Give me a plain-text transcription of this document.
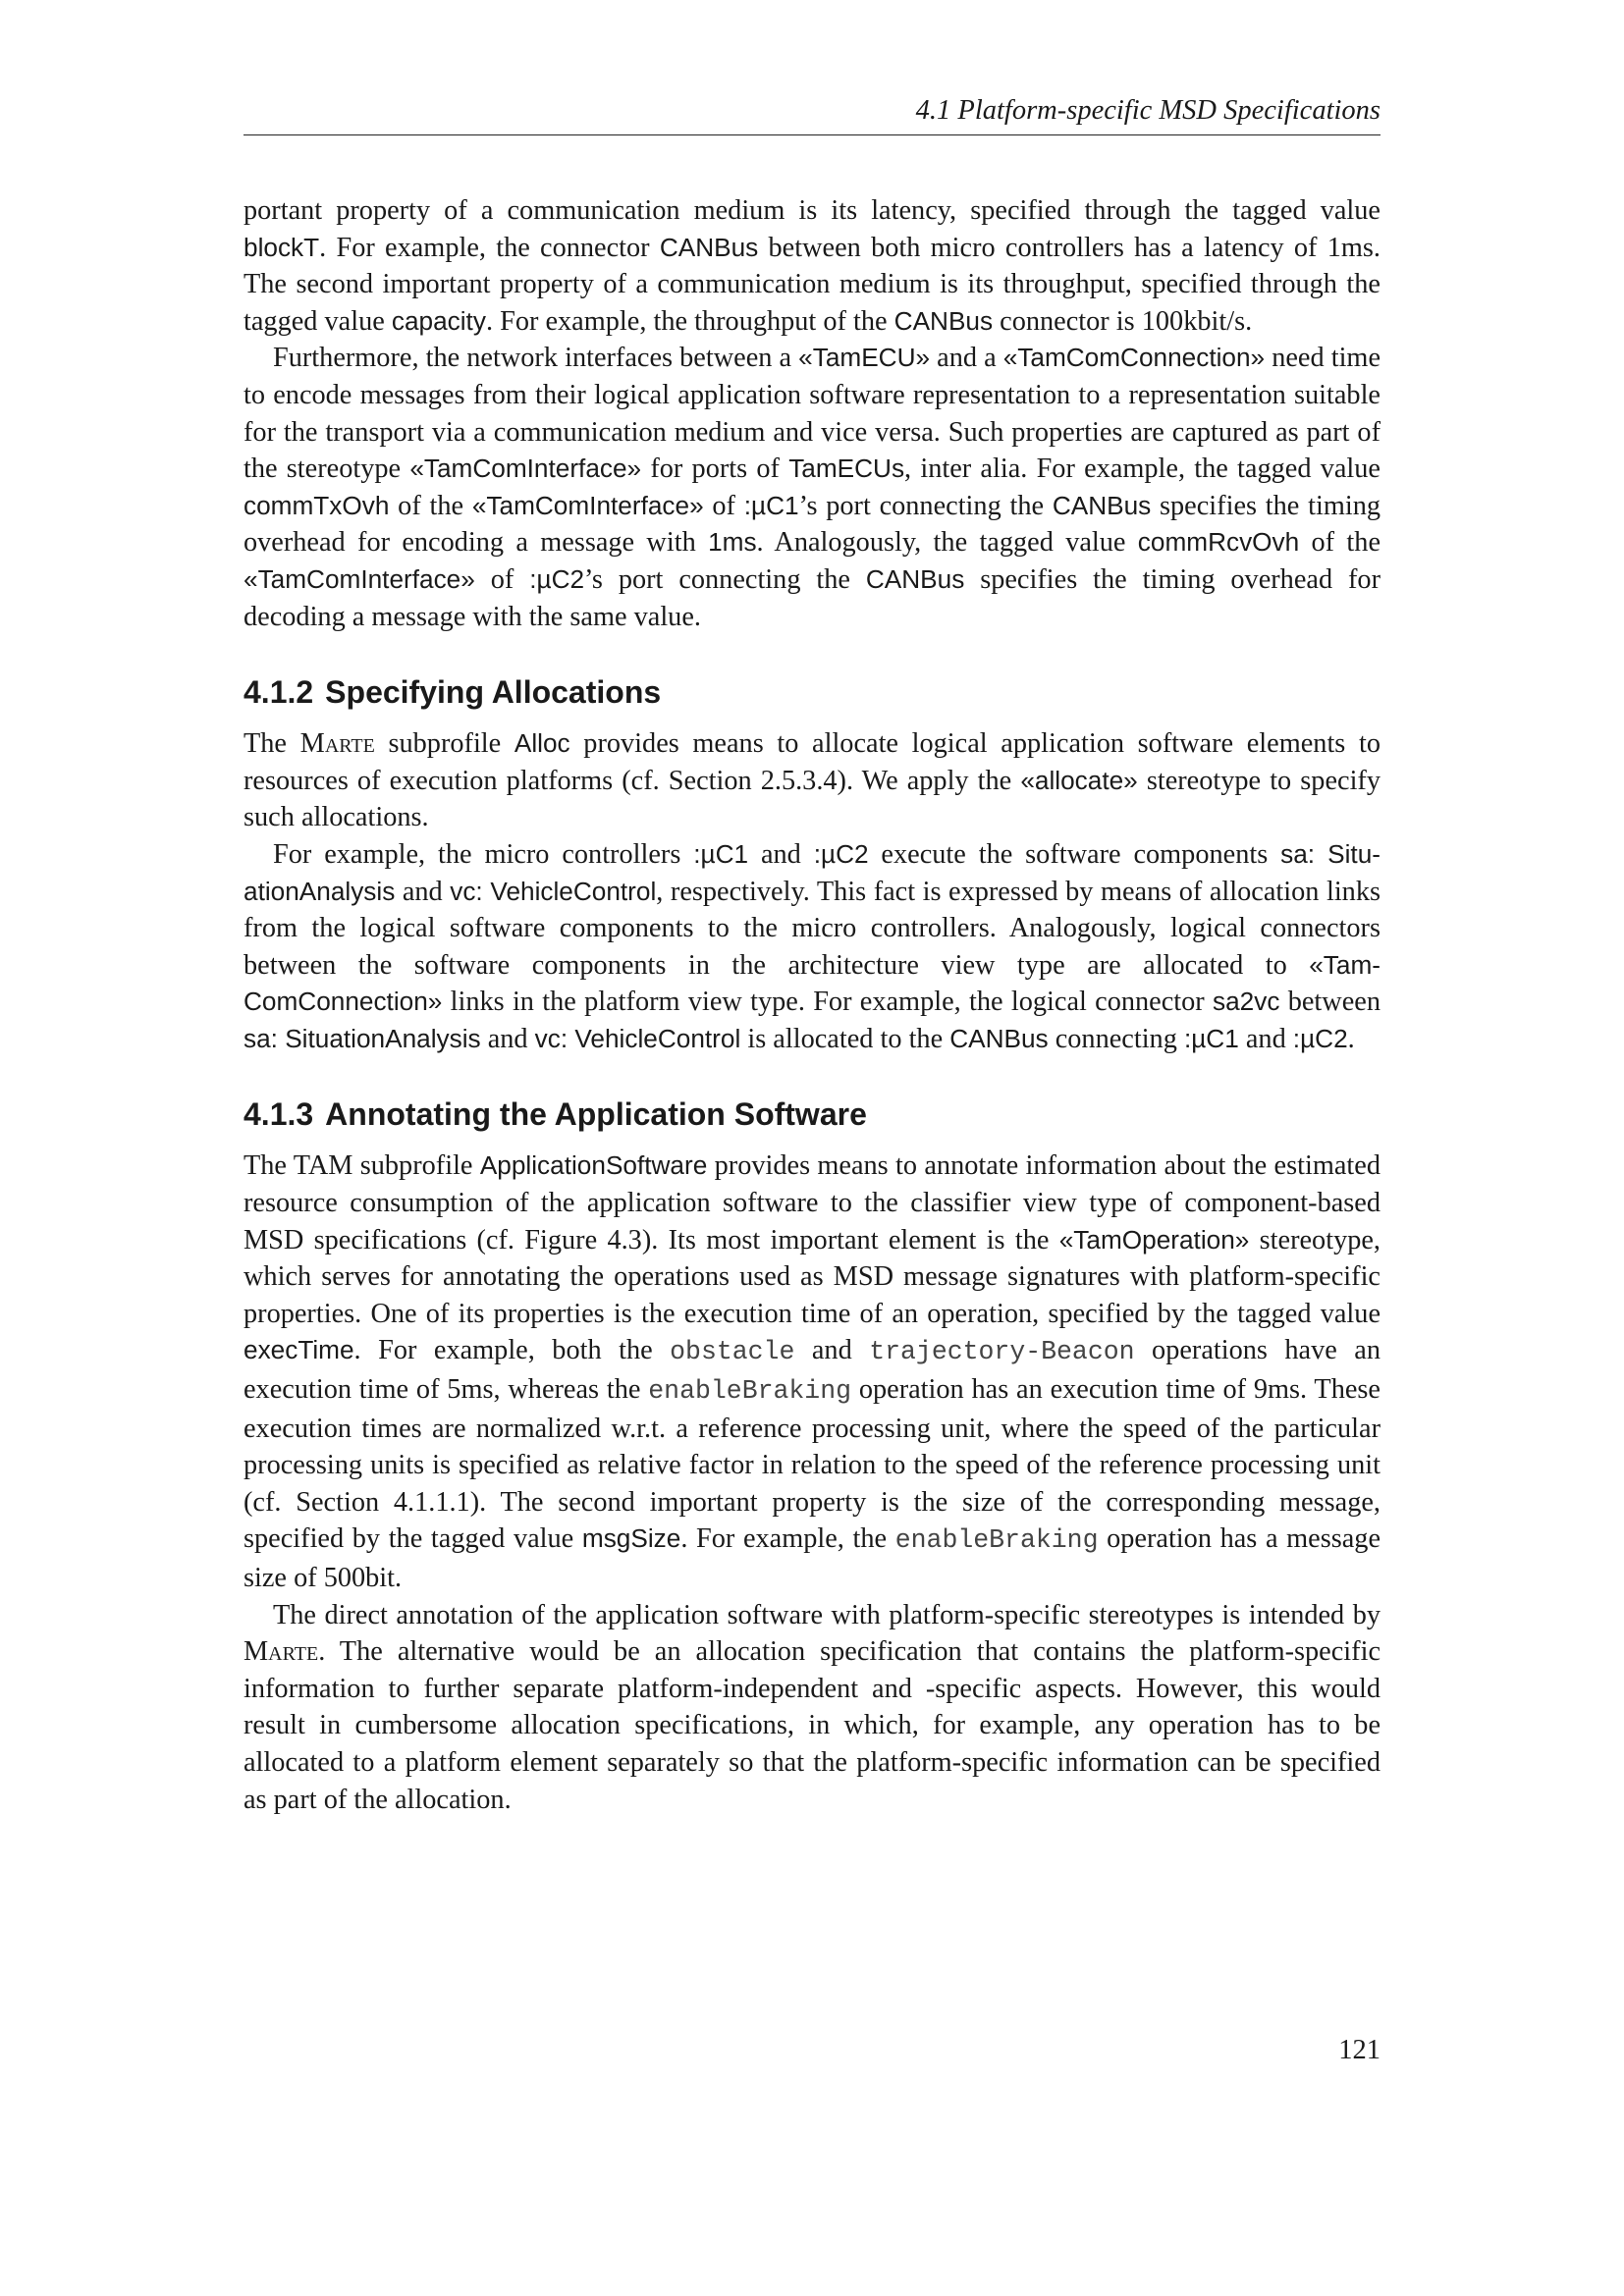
4.1 Platform-specific MSD Specifications

portant property of a communication medium is its latency, specified through the tagged value blockT. For example, the connector CANBus between both micro controllers has a latency of 1ms. The second important property of a communication medium is its throughput, specified through the tagged value capacity. For example, the throughput of the CANBus connector is 100kbit/s.

Furthermore, the network interfaces between a «TamECU» and a «TamComConnection» need time to encode messages from their logical application software representation to a representation suitable for the transport via a communication medium and vice versa. Such properties are captured as part of the stereotype «TamComInterface» for ports of TamECUs, inter alia. For example, the tagged value commTxOvh of the «TamComInterface» of :µC1’s port connecting the CANBus specifies the timing overhead for encoding a message with 1ms. Analogously, the tagged value commRcvOvh of the «TamComInterface» of :µC2’s port connecting the CANBus specifies the timing overhead for decoding a message with the same value.

4.1.2 Specifying Allocations

The Marte subprofile Alloc provides means to allocate logical application software elements to resources of execution platforms (cf. Section 2.5.3.4). We apply the «allocate» stereotype to specify such allocations.

For example, the micro controllers :µC1 and :µC2 execute the software components sa: SituationAnalysis and vc: VehicleControl, respectively. This fact is expressed by means of allocation links from the logical software components to the micro controllers. Analogously, logical connectors between the software components in the architecture view type are allocated to «TamComConnection» links in the platform view type. For example, the logical connector sa2vc between sa: SituationAnalysis and vc: VehicleControl is allocated to the CANBus connecting :µC1 and :µC2.

4.1.3 Annotating the Application Software

The TAM subprofile ApplicationSoftware provides means to annotate information about the estimated resource consumption of the application software to the classifier view type of component-based MSD specifications (cf. Figure 4.3). Its most important element is the «TamOperation» stereotype, which serves for annotating the operations used as MSD message signatures with platform-specific properties. One of its properties is the execution time of an operation, specified by the tagged value execTime. For example, both the obstacle and trajectory-Beacon operations have an execution time of 5ms, whereas the enableBraking operation has an execution time of 9ms. These execution times are normalized w.r.t. a reference processing unit, where the speed of the particular processing units is specified as relative factor in relation to the speed of the reference processing unit (cf. Section 4.1.1.1). The second important property is the size of the corresponding message, specified by the tagged value msgSize. For example, the enableBraking operation has a message size of 500bit.

The direct annotation of the application software with platform-specific stereotypes is intended by Marte. The alternative would be an allocation specification that contains the platform-specific information to further separate platform-independent and -specific aspects. However, this would result in cumbersome allocation specifications, in which, for example, any operation has to be allocated to a platform element separately so that the platform-specific information can be specified as part of the allocation.

121
